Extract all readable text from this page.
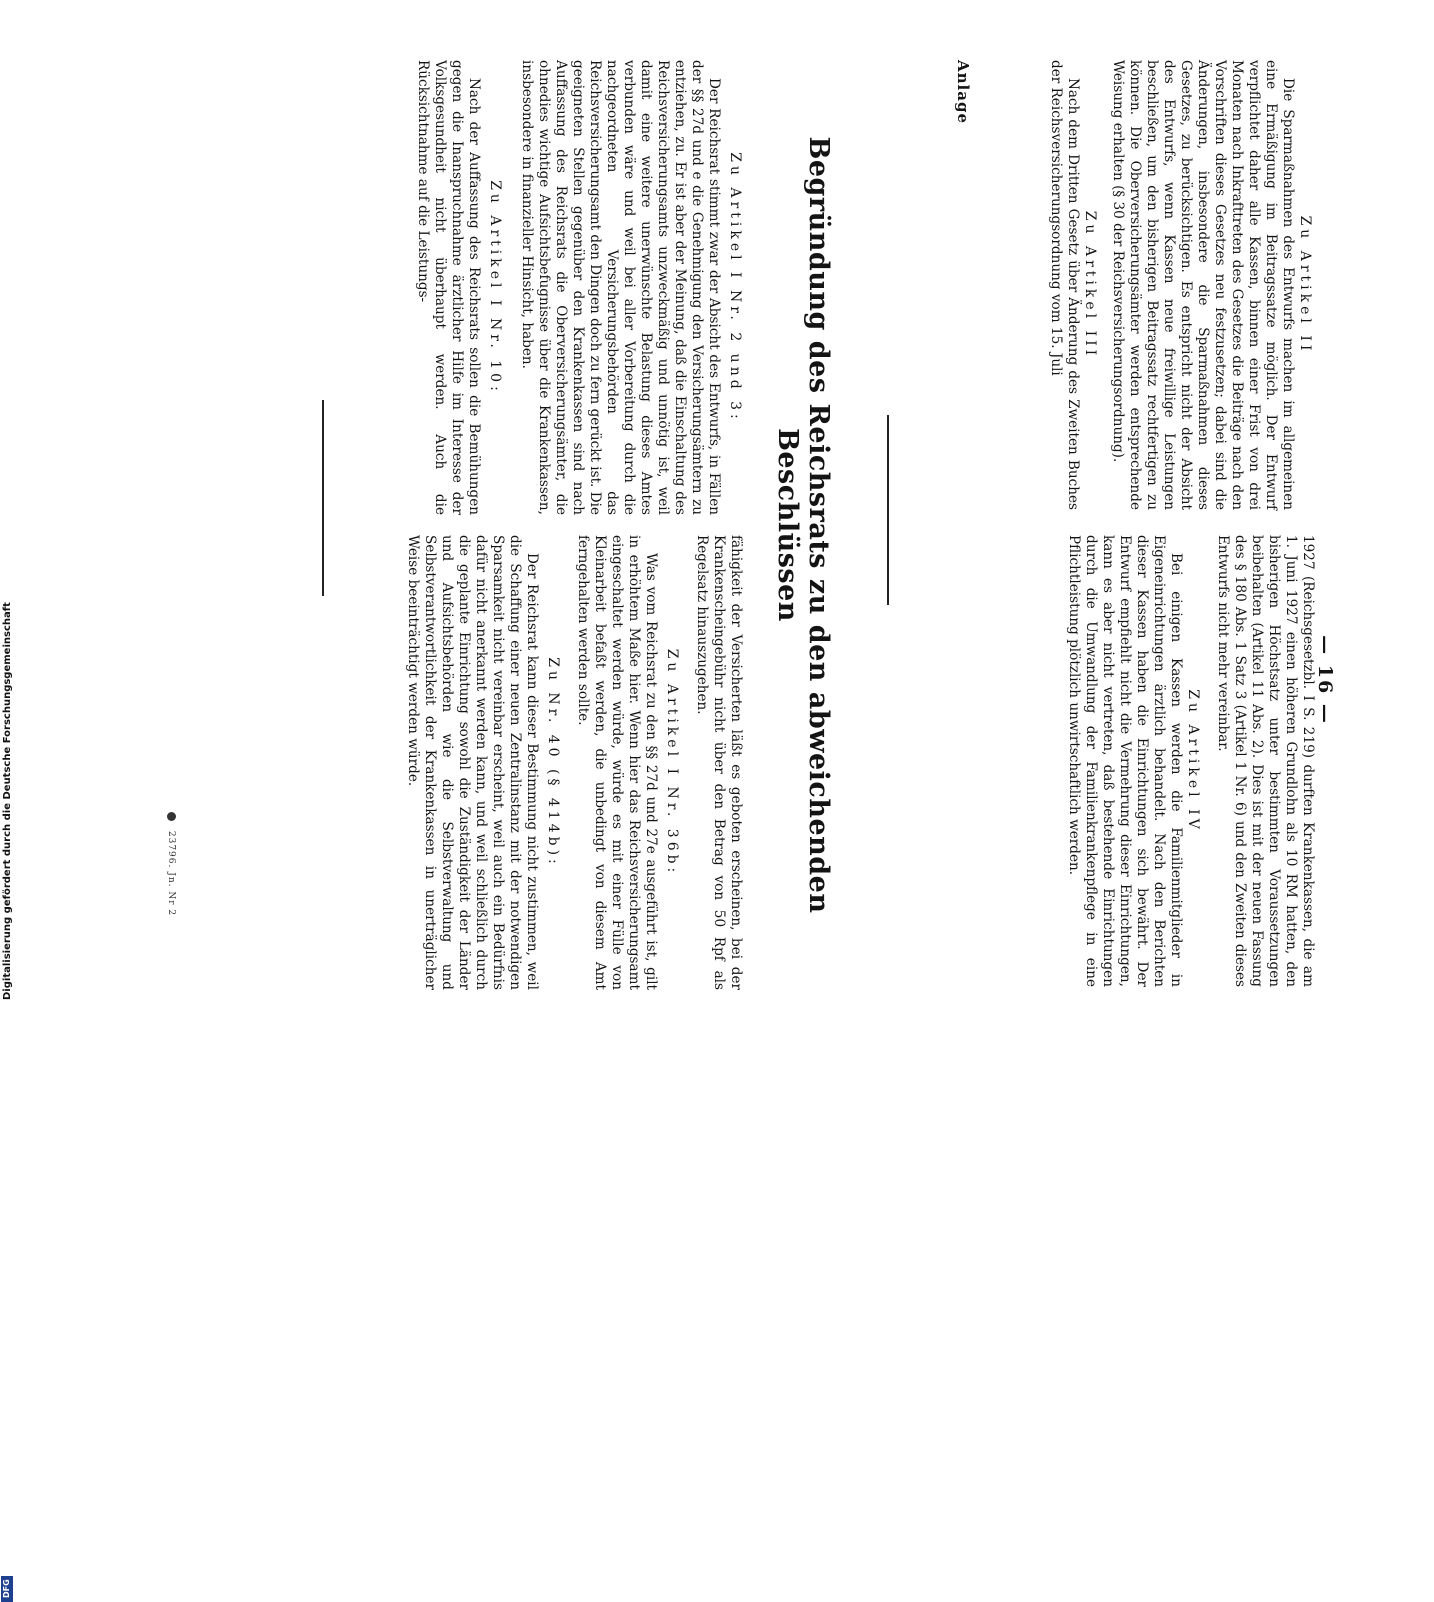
— 16 —

Zu Artikel II

Die Sparmaßnahmen des Entwurfs machen im allgemeinen eine Ermäßigung im Beitragssatze möglich. Der Entwurf verpflichtet daher alle Kassen, binnen einer Frist von drei Monaten nach Inkrafttreten des Gesetzes die Beiträge nach den Vorschriften dieses Gesetzes neu festzusetzen; dabei sind die Änderungen, insbesondere die Sparmaßnahmen dieses Gesetzes, zu berücksichtigen. Es entspricht nicht der Absicht des Entwurfs, wenn Kassen neue freiwillige Leistungen beschließen, um den bisherigen Beitragssatz rechtfertigen zu können. Die Oberversicherungsämter werden entsprechende Weisung erhalten (§ 30 der Reichsversicherungsordnung).

Zu Artikel III

Nach dem Dritten Gesetz über Änderung des Zweiten Buches der Reichsversicherungsordnung vom 15. Juli

1927 (Reichsgesetzbl. I S. 219) durften Krankenkassen, die am 1. Juni 1927 einen höheren Grundlohn als 10 RM hatten, den bisherigen Höchstsatz unter bestimmten Voraussetzungen beibehalten (Artikel 11 Abs. 2). Dies ist mit der neuen Fassung des § 180 Abs. 1 Satz 3 (Artikel 1 Nr. 6) und den Zweiten dieses Entwurfs nicht mehr vereinbar.

Zu Artikel IV

Bei einigen Kassen werden die Familienmitglieder in Eigeneinrichtungen ärztlich behandelt. Nach den Berichten dieser Kassen haben die Einrichtungen sich bewährt. Der Entwurf empfiehlt nicht die Vermehrung dieser Einrichtungen, kann es aber nicht vertreten, daß bestehende Einrichtungen durch die Umwandlung der Familienkrankenpflege in eine Pflichtleistung plötzlich unwirtschaftlich werden.

Anlage
Begründung des Reichsrats zu den abweichenden Beschlüssen

Zu Artikel I Nr. 2 und 3:

Der Reichsrat stimmt zwar der Absicht des Entwurfs, in Fällen der §§ 27d und e die Genehmigung den Versicherungsämtern zu entziehen, zu. Er ist aber der Meinung, daß die Einschaltung des Reichsversicherungsamts unzweckmäßig und unnötig ist, weil damit eine weitere unerwünschte Belastung dieses Amtes verbunden wäre und weil bei aller Vorbereitung durch die nachgeordneten Versicherungsbehörden das Reichsversicherungsamt den Dingen doch zu fern gerückt ist. Die geeigneten Stellen gegenüber den Krankenkassen sind nach Auffassung des Reichsrats die Oberversicherungsämter, die ohnedies wichtige Aufsichtsbefugnisse über die Krankenkassen, insbesondere in finanzieller Hinsicht, haben.

Zu Artikel I Nr. 10:

Nach der Auffassung des Reichsrats sollen die Bemühungen gegen die Inanspruchnahme ärztlicher Hilfe im Interesse der Volksgesundheit nicht überhaupt werden. Auch die Rücksichtnahme auf die Leistungs-

fähigkeit der Versicherten läßt es geboten erscheinen, bei der Krankenscheingebühr nicht über den Betrag von 50 Rpf als Regelsatz hinauszugehen.

Zu Artikel I Nr. 36b:

Was vom Reichsrat zu den §§ 27d und 27e ausgeführt ist, gilt in erhöhtem Maße hier. Wenn hier das Reichsversicherungsamt eingeschaltet werden würde, würde es mit einer Fülle von Kleinarbeit befaßt werden, die unbedingt von diesem Amt ferngehalten werden sollte.

Zu Nr. 40 (§ 414b):

Der Reichsrat kann dieser Bestimmung nicht zustimmen, weil die Schaffung einer neuen Zentralinstanz mit der notwendigen Sparsamkeit nicht vereinbar erscheint, weil auch ein Bedürfnis dafür nicht anerkannt werden kann, und weil schließlich durch die geplante Einrichtung sowohl die Zuständigkeit der Länder und Aufsichtsbehörden wie die Selbstverwaltung und Selbstverantwortlichkeit der Krankenkassen in unerträglicher Weise beeinträchtigt werden würde.

23796. Jn. Nr 2
Digitalisierung gefördert durch die Deutsche Forschungsgemeinschaft
DFG
